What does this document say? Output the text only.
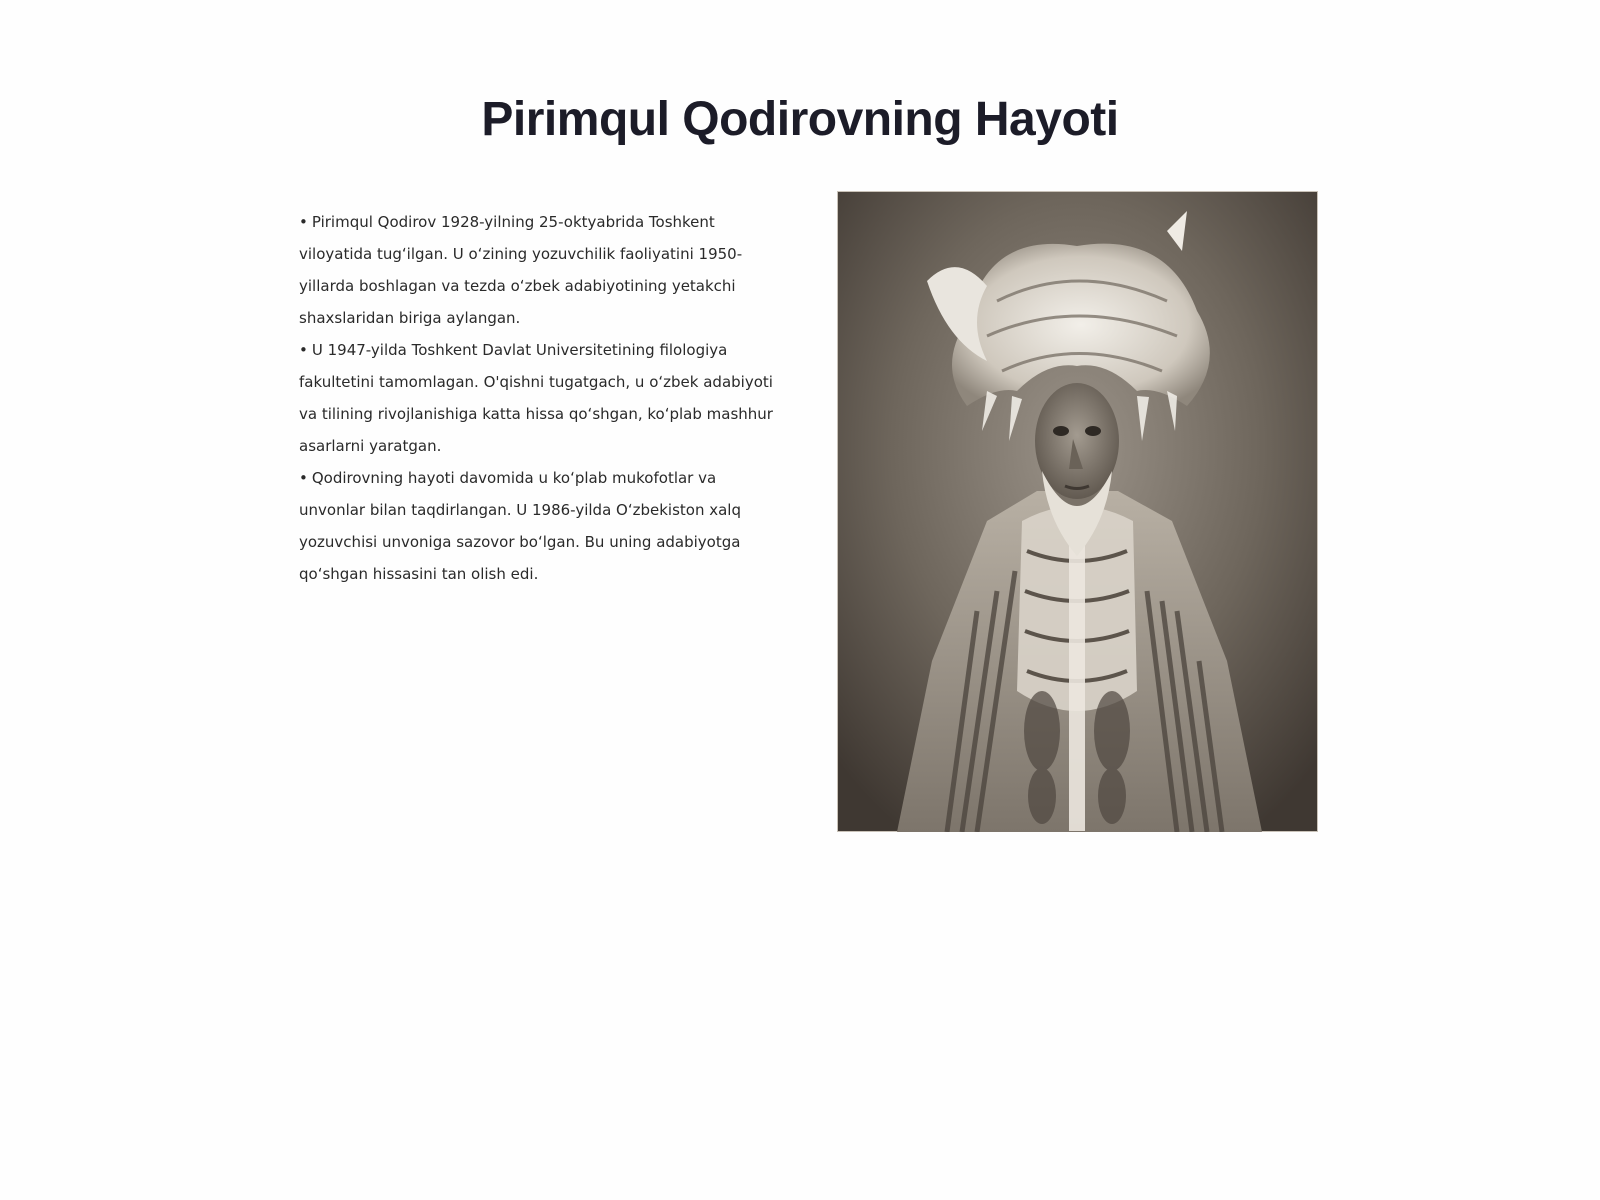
Pirimqul Qodirovning Hayoti

• Pirimqul Qodirov 1928-yilning 25-oktyabrida Toshkent viloyatida tugʻilgan. U oʻzining yozuvchilik faoliyatini 1950-yillarda boshlagan va tezda oʻzbek adabiyotining yetakchi shaxslaridan biriga aylangan.

• U 1947-yilda Toshkent Davlat Universitetining filologiya fakultetini tamomlagan. O'qishni tugatgach, u oʻzbek adabiyoti va tilining rivojlanishiga katta hissa qoʻshgan, koʻplab mashhur asarlarni yaratgan.

• Qodirovning hayoti davomida u koʻplab mukofotlar va unvonlar bilan taqdirlangan. U 1986-yilda Oʻzbekiston xalq yozuvchisi unvoniga sazovor boʻlgan. Bu uning adabiyotga qoʻshgan hissasini tan olish edi.
